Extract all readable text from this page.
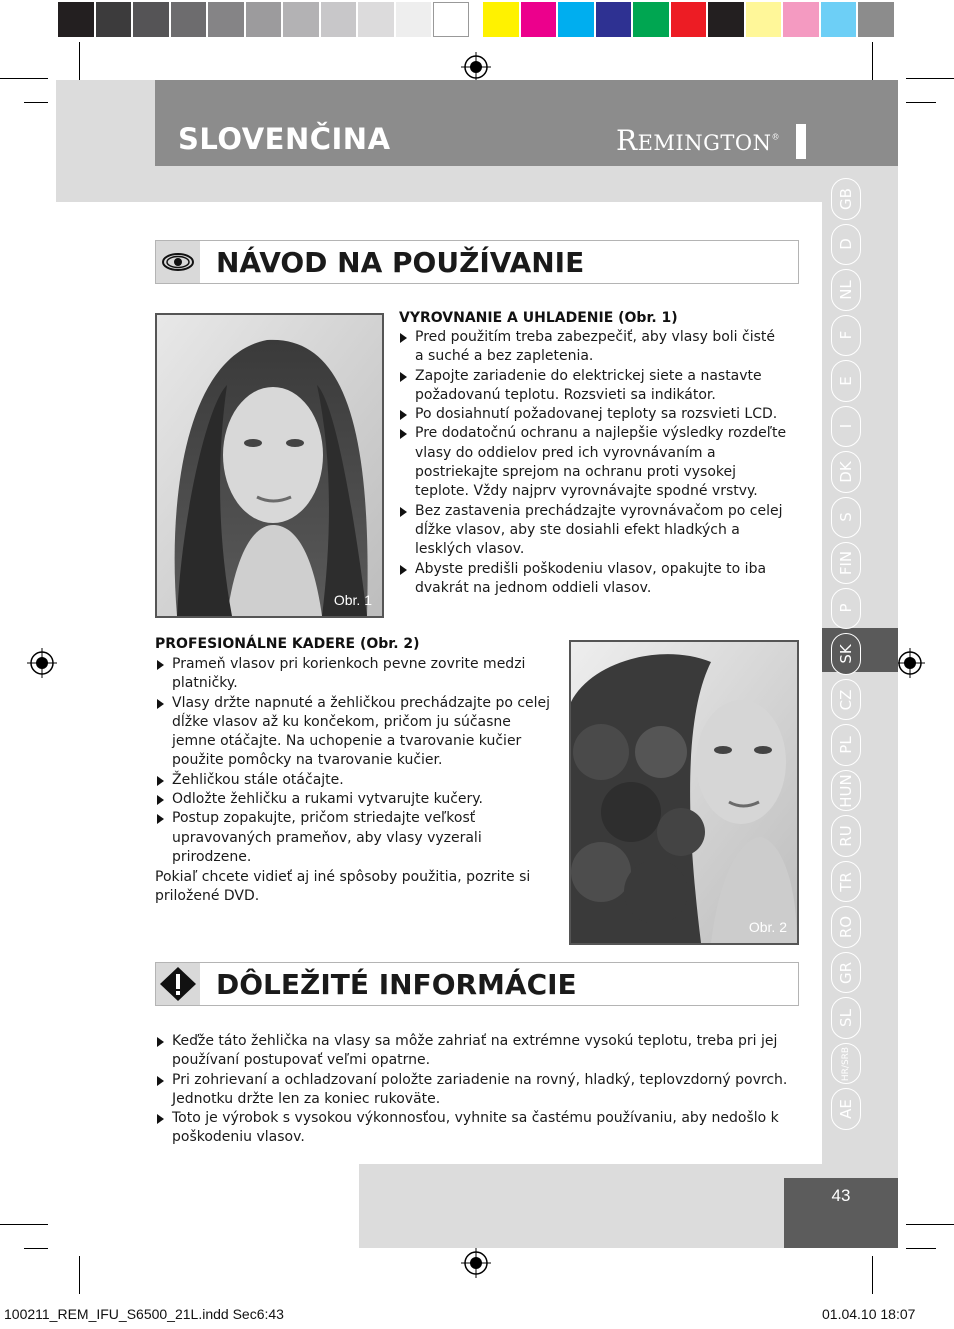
SLOVENČINA	REMINGTON®
GB
D
NL
F
E
I
DK
S
FIN
P
SK
CZ
PL
HUN
RU
TR
RO
GR
SL
HR/SRB
AE
NÁVOD NA POUŽÍVANIE
Obr. 1
VYROVNANIE A UHLADENIE (Obr. 1)
Pred použitím treba zabezpečiť, aby vlasy boli čisté a suché a bez zapletenia.
Zapojte zariadenie do elektrickej siete a nastavte požadovanú teplotu. Rozsvieti sa indikátor.
Po dosiahnutí požadovanej teploty sa rozsvieti LCD.
Pre dodatočnú ochranu a najlepšie výsledky rozdeľte vlasy do oddielov pred ich vyrovnávaním a postriekajte sprejom na ochranu proti vysokej teplote. Vždy najprv vyrovnávajte spodné vrstvy.
Bez zastavenia prechádzajte vyrovnávačom po celej dĺžke vlasov, aby ste dosiahli efekt hladkých a lesklých vlasov.
Abyste predišli poškodeniu vlasov, opakujte to iba dvakrát na jednom oddieli vlasov.
PROFESIONÁLNE KADERE (Obr. 2)
Prameň vlasov pri korienkoch pevne zovrite medzi platničky.
Vlasy držte napnuté a žehličkou prechádzajte po celej dĺžke vlasov až ku končekom, pričom ju súčasne jemne otáčajte. Na uchopenie a tvarovanie kučier použite pomôcky na tvarovanie kučier.
Žehličkou stále otáčajte.
Odložte žehličku a rukami vytvarujte kučery.
Postup zopakujte, pričom striedajte veľkosť upravovaných prameňov, aby vlasy vyzerali prirodzene.
Pokiaľ chcete vidieť aj iné spôsoby použitia, pozrite si priložené DVD.
Obr. 2
DÔLEŽITÉ INFORMÁCIE
Keďže táto žehlička na vlasy sa môže zahriať na extrémne vysokú teplotu, treba pri jej používaní postupovať veľmi opatrne.
Pri zohrievaní a ochladzovaní položte zariadenie na rovný, hladký, teplovzdorný povrch. Jednotku držte len za koniec rukoväte.
Toto je výrobok s vysokou výkonnosťou, vyhnite sa častému používaniu, aby nedošlo k poškodeniu vlasov.
43
100211_REM_IFU_S6500_21L.indd Sec6:43	01.04.10 18:07
